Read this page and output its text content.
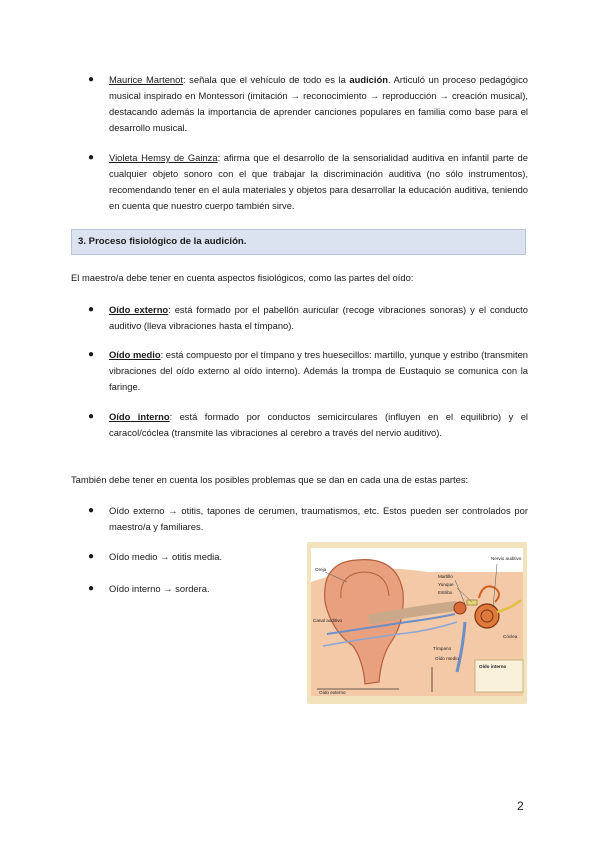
● Maurice Martenot: señala que el vehículo de todo es la audición. Articuló un proceso pedagógico musical inspirado en Montessori (imitación → reconocimiento → reproducción → creación musical), destacando además la importancia de aprender canciones populares en familia como base para el desarrollo musical.
● Violeta Hemsy de Gainza: afirma que el desarrollo de la sensorialidad auditiva en infantil parte de cualquier objeto sonoro con el que trabajar la discriminación auditiva (no sólo instrumentos), recomendando tener en el aula materiales y objetos para desarrollar la educación auditiva, teniendo en cuenta que nuestro cuerpo también sirve.
3. Proceso fisiológico de la audición.
El maestro/a debe tener en cuenta aspectos fisiológicos, como las partes del oído:
● Oído externo: está formado por el pabellón auricular (recoge vibraciones sonoras) y el conducto auditivo (lleva vibraciones hasta el tímpano).
● Oído medio: está compuesto por el tímpano y tres huesecillos: martillo, yunque y estribo (transmiten vibraciones del oído externo al oído interno). Además la trompa de Eustaquio se comunica con la faringe.
● Oído interno: está formado por conductos semicirculares (influyen en el equilibrio) y el caracol/cóclea (transmite las vibraciones al cerebro a través del nervio auditivo).
También debe tener en cuenta los posibles problemas que se dan en cada una de estas partes:
● Oído externo → otitis, tapones de cerumen, traumatismos, etc. Estos pueden ser controlados por maestro/a y familiares.
● Oído medio → otitis media.
● Oído interno → sordera.
Oreja
Martillo
Yunque
Estribo
Nervio auditivo
Cóclea
Canal auditivo
Tímpano
Oído externo
Oído medio
Oído interno
2
